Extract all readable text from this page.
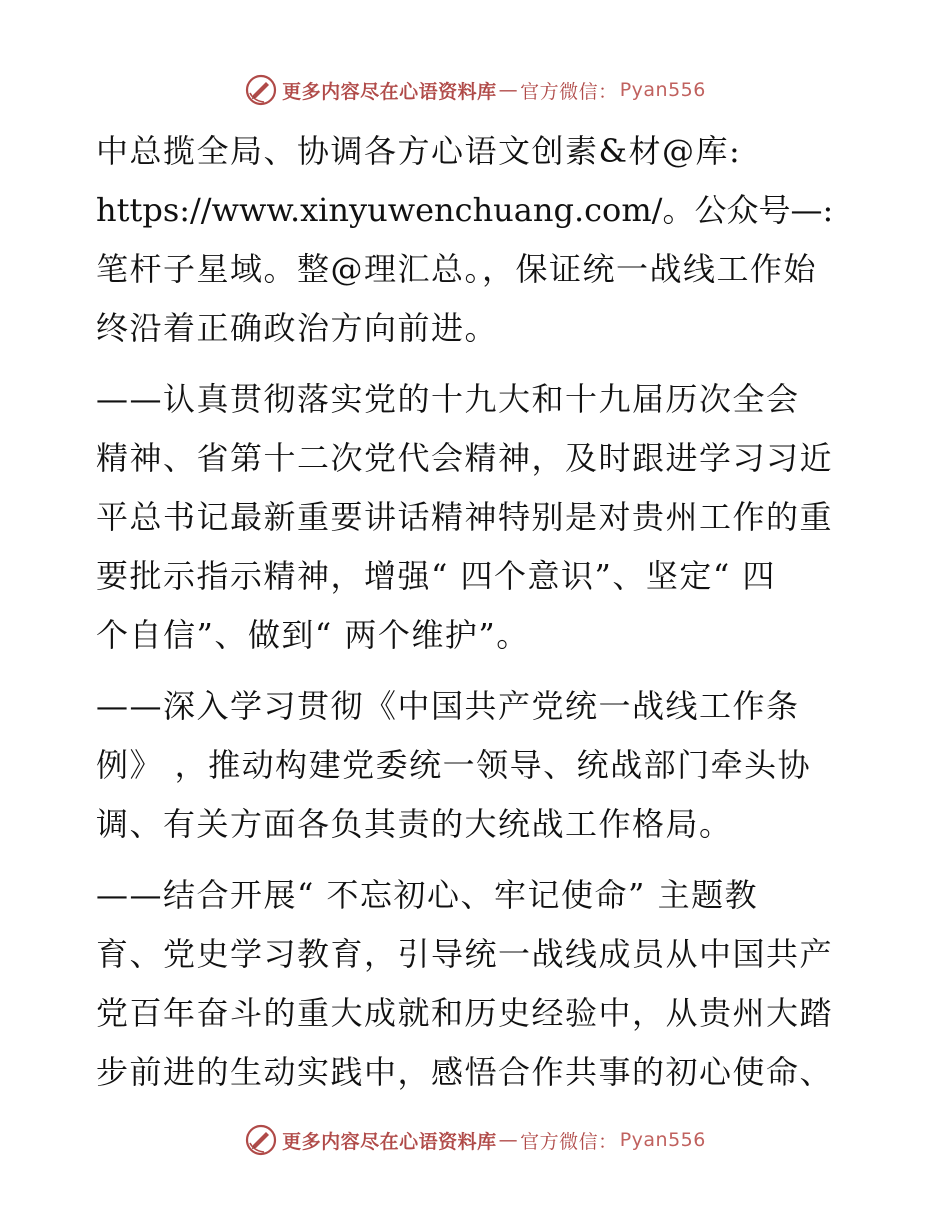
更多内容尽在心语资料库 — 官方微信： Pyan556

中总揽全局、协调各方心语文创素&材@库:
https://www.xinyuwenchuang.com/。公众号—:
笔杆子星域。整@理汇总。，保证统一战线工作始
终沿着正确政治方向前进。

——认真贯彻落实党的十九大和十九届历次全会
精神、省第十二次党代会精神，及时跟进学习习近
平总书记最新重要讲话精神特别是对贵州工作的重
要批示指示精神，增强“ 四个意识”、坚定“ 四
个自信”、做到“ 两个维护”。

——深入学习贯彻《中国共产党统一战线工作条
例》 ，推动构建党委统一领导、统战部门牵头协
调、有关方面各负其责的大统战工作格局。

——结合开展“ 不忘初心、牢记使命” 主题教
育、党史学习教育，引导统一战线成员从中国共产
党百年奋斗的重大成就和历史经验中，从贵州大踏
步前进的生动实践中，感悟合作共事的初心使命、

更多内容尽在心语资料库 — 官方微信： Pyan556
